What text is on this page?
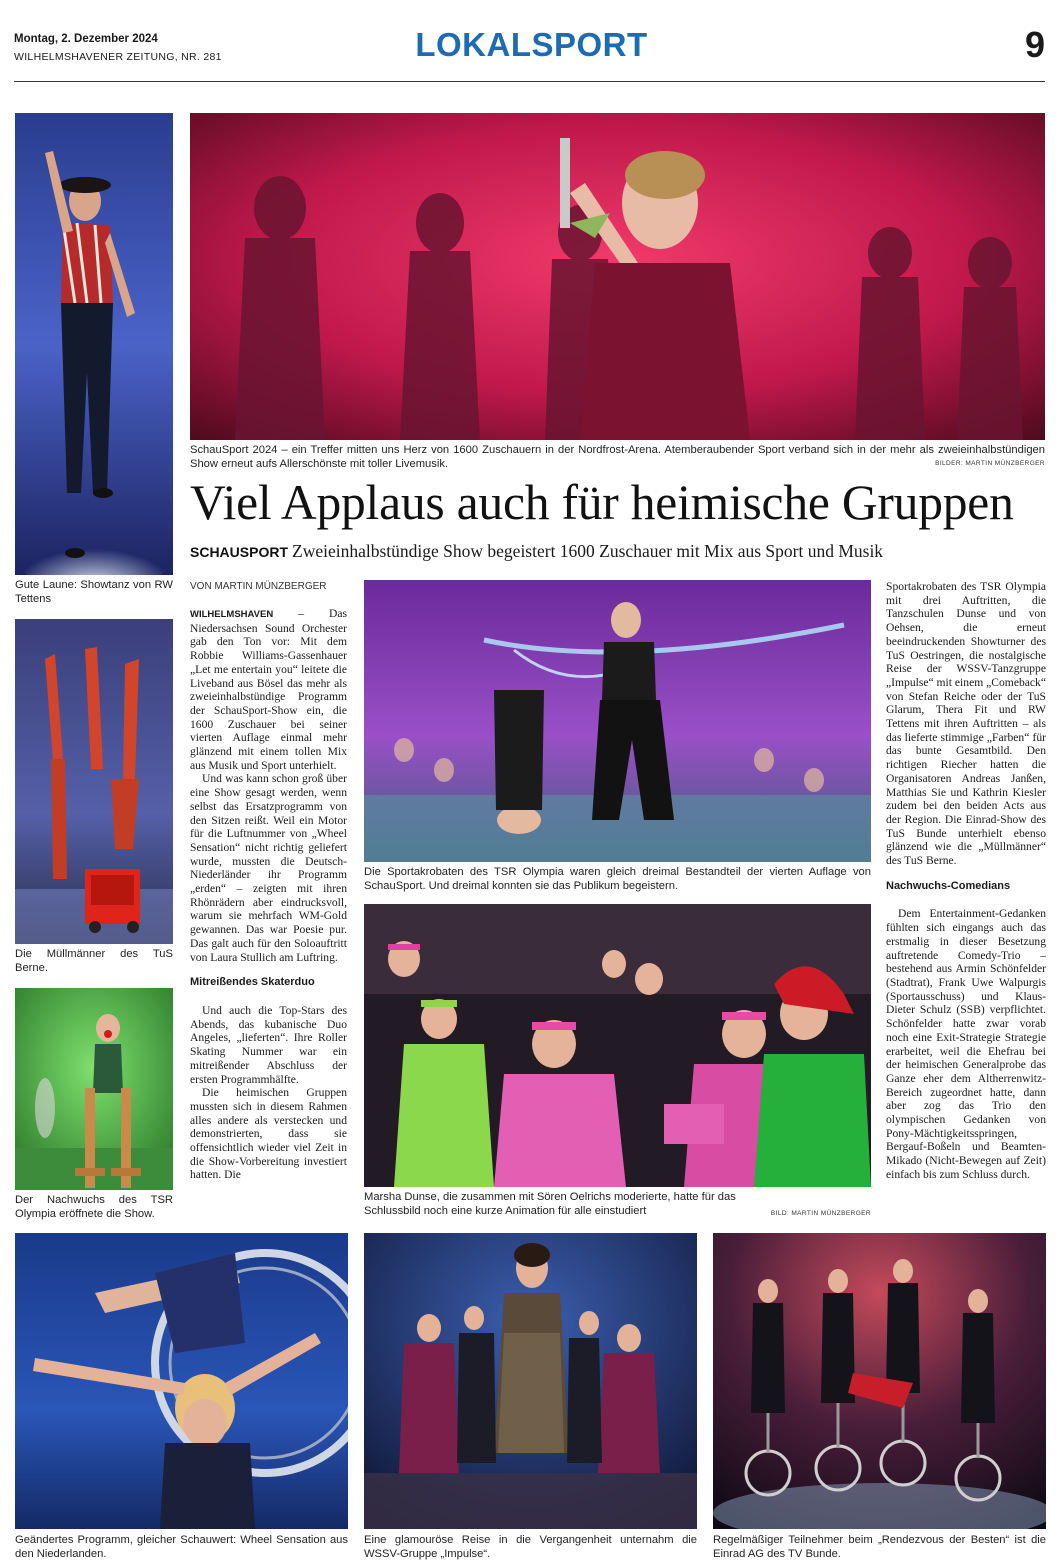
Montag, 2. Dezember 2024
WILHELMSHAVENER ZEITUNG, NR. 281	LOKALSPORT	9
Gute Laune: Showtanz von RW Tettens
Die Müllmänner des TuS Berne.
Der Nachwuchs des TSR Olympia eröffnete die Show.
SchauSport 2024 – ein Treffer mitten uns Herz von 1600 Zuschauern in der Nordfrost-Arena. Atemberaubender Sport verband sich in der mehr als zweieinhalbstündigen Show erneut aufs Allerschönste mit toller Livemusik.	BILDER: MARTIN MÜNZBERGER
Viel Applaus auch für heimische Gruppen
SCHAUSPORT Zweieinhalbstündige Show begeistert 1600 Zuschauer mit Mix aus Sport und Musik
VON MARTIN MÜNZBERGER

WILHELMSHAVEN – Das Niedersachsen Sound Orchester gab den Ton vor: Mit dem Robbie Williams-Gassenhauer „Let me entertain you“ leitete die Liveband aus Bösel das mehr als zweieinhalbstündige Programm der SchauSport-Show ein, die 1600 Zuschauer bei seiner vierten Auflage einmal mehr glänzend mit einem tollen Mix aus Musik und Sport unterhielt.

Und was kann schon groß über eine Show gesagt werden, wenn selbst das Ersatzprogramm von den Sitzen reißt. Weil ein Motor für die Luftnummer von „Wheel Sensation“ nicht richtig geliefert wurde, mussten die Deutsch-Niederländer ihr Programm „erden“ – zeigten mit ihren Rhönrädern aber eindrucksvoll, warum sie mehrfach WM-Gold gewannen. Das war Poesie pur. Das galt auch für den Soloauftritt von Laura Stullich am Luftring.

Mitreißendes Skaterduo

Und auch die Top-Stars des Abends, das kubanische Duo Angeles, „lieferten“. Ihre Roller Skating Nummer war ein mitreißender Abschluss der ersten Programmhälfte.

Die heimischen Gruppen mussten sich in diesem Rahmen alles andere als verstecken und demonstrierten, dass sie offensichtlich wieder viel Zeit in die Show-Vorbereitung investiert hatten. Die

Die Sportakrobaten des TSR Olympia waren gleich dreimal Bestandteil der vierten Auflage von SchauSport. Und dreimal konnten sie das Publikum begeistern.
Marsha Dunse, die zusammen mit Sören Oelrichs moderierte, hatte für das Schlussbild noch eine kurze Animation für alle einstudiert	BILD: MARTIN MÜNZBERGER

Sportakrobaten des TSR Olympia mit drei Auftritten, die Tanzschulen Dunse und von Oehsen, die erneut beeindruckenden Showturner des TuS Oestringen, die nostalgische Reise der WSSV-Tanzgruppe „Impulse“ mit einem „Comeback“ von Stefan Reiche oder der TuS Glarum, Thera Fit und RW Tettens mit ihren Auftritten – als das lieferte stimmige „Farben“ für das bunte Gesamtbild. Den richtigen Riecher hatten die Organisatoren Andreas Janßen, Matthias Sie und Kathrin Kiesler zudem bei den beiden Acts aus der Region. Die Einrad-Show des TuS Bunde unterhielt ebenso glänzend wie die „Müllmänner“ des TuS Berne.

Nachwuchs-Comedians

Dem Entertainment-Gedanken fühlten sich eingangs auch das erstmalig in dieser Besetzung auftretende Comedy-Trio – bestehend aus Armin Schönfelder (Stadtrat), Frank Uwe Walpurgis (Sportausschuss) und Klaus-Dieter Schulz (SSB) verpflichtet. Schönfelder hatte zwar vorab noch eine Exit-Strategie Strategie erarbeitet, weil die Ehefrau bei der heimischen Generalprobe das Ganze eher dem Altherrenwitz-Bereich zugeordnet hatte, dann aber zog das Trio den olympischen Gedanken von Pony-Mächtigkeitsspringen, Bergauf-Boßeln und Beamten-Mikado (Nicht-Bewegen auf Zeit) einfach bis zum Schluss durch.

Geändertes Programm, gleicher Schauwert: Wheel Sensation aus den Niederlanden.
Eine glamouröse Reise in die Vergangenheit unternahm die WSSV-Gruppe „Impulse“.
Regelmäßiger Teilnehmer beim „Rendezvous der Besten“ ist die Einrad AG des TV Bunde.
